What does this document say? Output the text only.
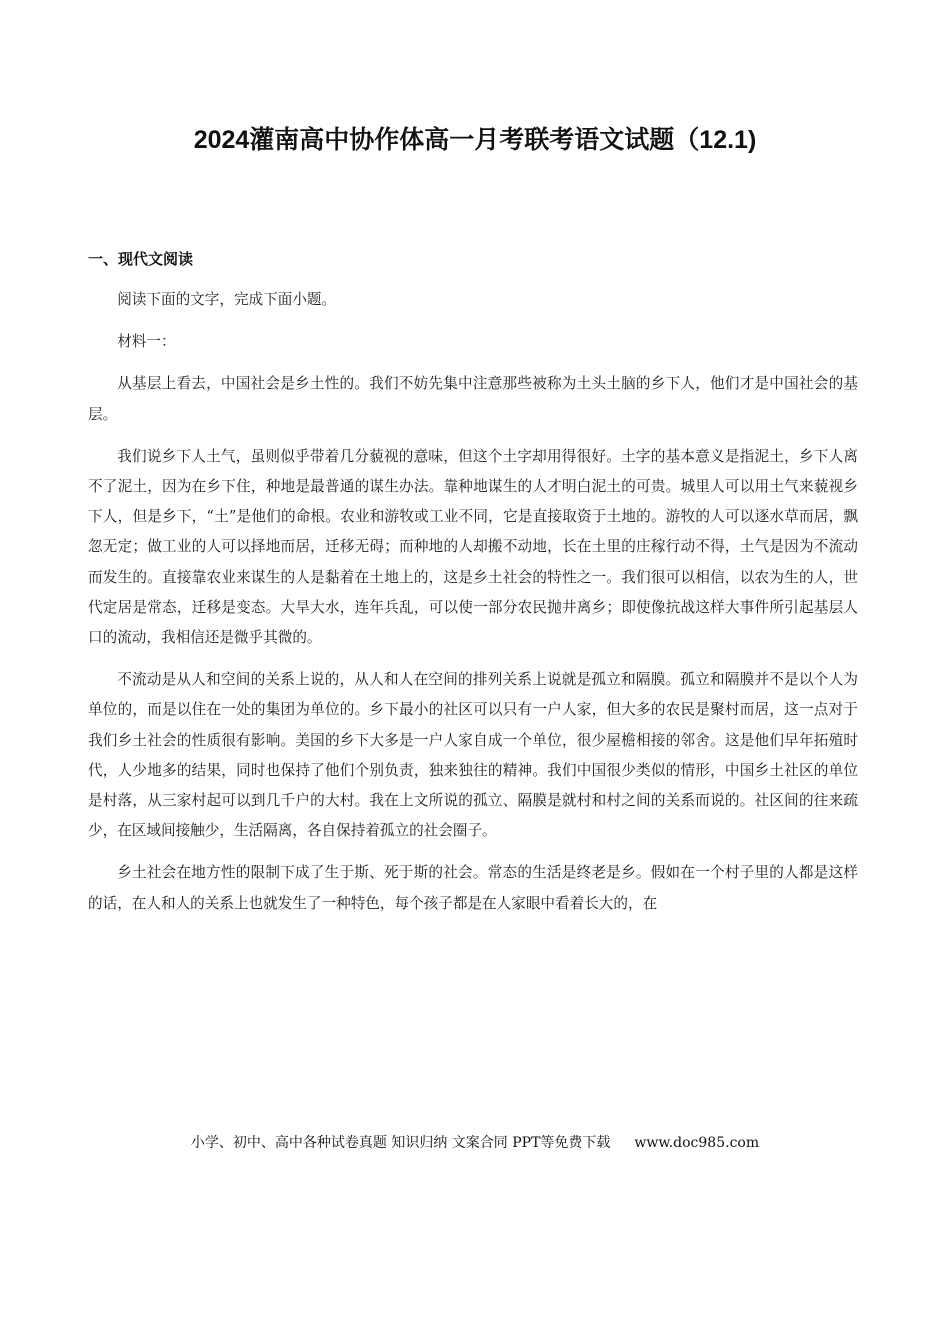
2024灌南高中协作体高一月考联考语文试题（12.1)
一、现代文阅读

阅读下面的文字，完成下面小题。

材料一：

从基层上看去，中国社会是乡土性的。我们不妨先集中注意那些被称为土头土脑的乡下人，他们才是中国社会的基层。

我们说乡下人土气，虽则似乎带着几分藐视的意味，但这个土字却用得很好。土字的基本意义是指泥土，乡下人离不了泥土，因为在乡下住，种地是最普通的谋生办法。靠种地谋生的人才明白泥土的可贵。城里人可以用土气来藐视乡下人，但是乡下，“土”是他们的命根。农业和游牧或工业不同，它是直接取资于土地的。游牧的人可以逐水草而居，飘忽无定；做工业的人可以择地而居，迁移无碍；而种地的人却搬不动地，长在土里的庄稼行动不得，土气是因为不流动而发生的。直接靠农业来谋生的人是黏着在土地上的，这是乡土社会的特性之一。我们很可以相信，以农为生的人，世代定居是常态，迁移是变态。大旱大水，连年兵乱，可以使一部分农民抛井离乡；即使像抗战这样大事件所引起基层人口的流动，我相信还是微乎其微的。

不流动是从人和空间的关系上说的，从人和人在空间的排列关系上说就是孤立和隔膜。孤立和隔膜并不是以个人为单位的，而是以住在一处的集团为单位的。乡下最小的社区可以只有一户人家，但大多的农民是聚村而居，这一点对于我们乡土社会的性质很有影响。美国的乡下大多是一户人家自成一个单位，很少屋檐相接的邻舍。这是他们早年拓殖时代，人少地多的结果，同时也保持了他们个别负责，独来独往的精神。我们中国很少类似的情形，中国乡土社区的单位是村落，从三家村起可以到几千户的大村。我在上文所说的孤立、隔膜是就村和村之间的关系而说的。社区间的往来疏少，在区域间接触少，生活隔离，各自保持着孤立的社会圈子。

乡土社会在地方性的限制下成了生于斯、死于斯的社会。常态的生活是终老是乡。假如在一个村子里的人都是这样的话，在人和人的关系上也就发生了一种特色，每个孩子都是在人家眼中看着长大的，在

小学、初中、高中各种试卷真题 知识归纳 文案合同 PPT等免费下载 www.doc985.com
